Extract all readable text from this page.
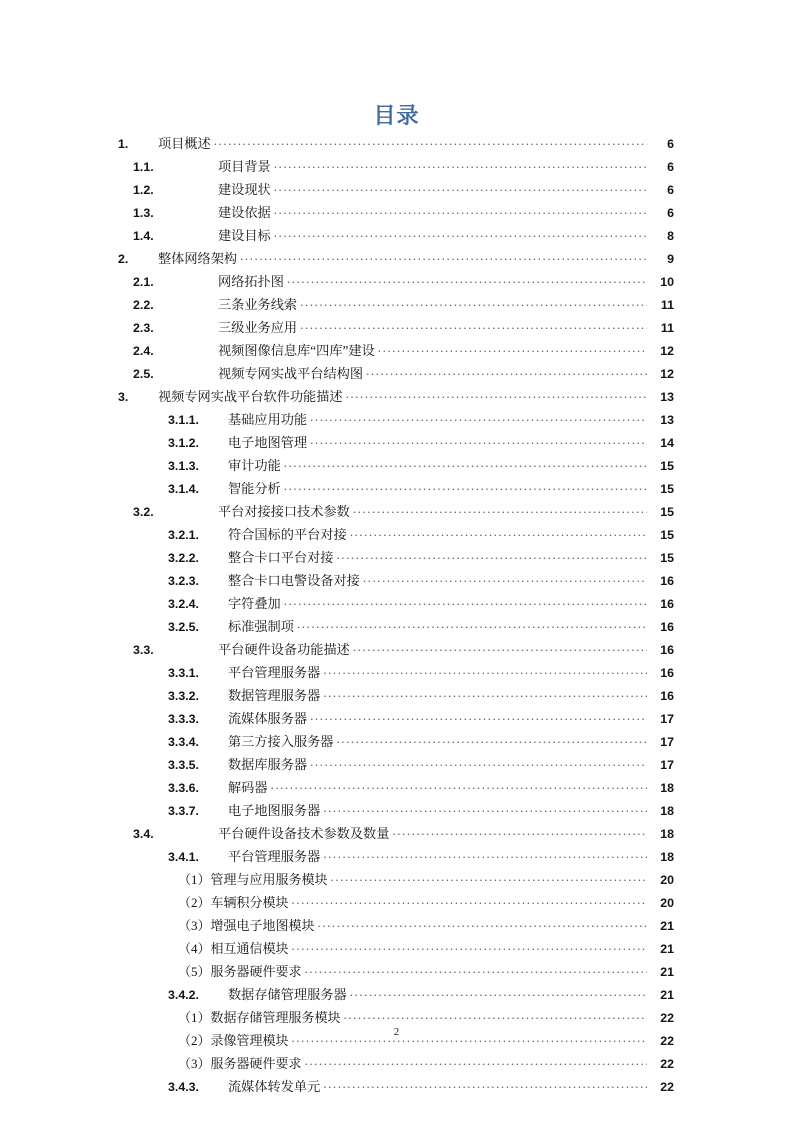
目录
1.	项目概述 .....	6
1.1.	项目背景 .....	6
1.2.	建设现状 .....	6
1.3.	建设依据 .....	6
1.4.	建设目标 .....	8
2.	整体网络架构 .....	9
2.1.	网络拓扑图 .....	10
2.2.	三条业务线索 .....	11
2.3.	三级业务应用 .....	11
2.4.	视频图像信息库“四库”建设 .....	12
2.5.	视频专网实战平台结构图 .....	12
3.	视频专网实战平台软件功能描述 .....	13
3.1.1.	基础应用功能 .....	13
3.1.2.	电子地图管理 .....	14
3.1.3.	审计功能 .....	15
3.1.4.	智能分析 .....	15
3.2.	平台对接接口技术参数 .....	15
3.2.1.	符合国标的平台对接 .....	15
3.2.2.	整合卡口平台对接 .....	15
3.2.3.	整合卡口电警设备对接 .....	16
3.2.4.	字符叠加 .....	16
3.2.5.	标准强制项 .....	16
3.3.	平台硬件设备功能描述 .....	16
3.3.1.	平台管理服务器 .....	16
3.3.2.	数据管理服务器 .....	16
3.3.3.	流媒体服务器 .....	17
3.3.4.	第三方接入服务器 .....	17
3.3.5.	数据库服务器 .....	17
3.3.6.	解码器 .....	18
3.3.7.	电子地图服务器 .....	18
3.4.	平台硬件设备技术参数及数量 .....	18
3.4.1.	平台管理服务器 .....	18
（1）管理与应用服务模块 .....	20
（2）车辆积分模块 .....	20
（3）增强电子地图模块 .....	21
（4）相互通信模块 .....	21
（5）服务器硬件要求 .....	21
3.4.2.	数据存储管理服务器 .....	21
（1）数据存储管理服务模块 .....	22
（2）录像管理模块 .....	22
（3）服务器硬件要求 .....	22
3.4.3.	流媒体转发单元 .....	22
2
